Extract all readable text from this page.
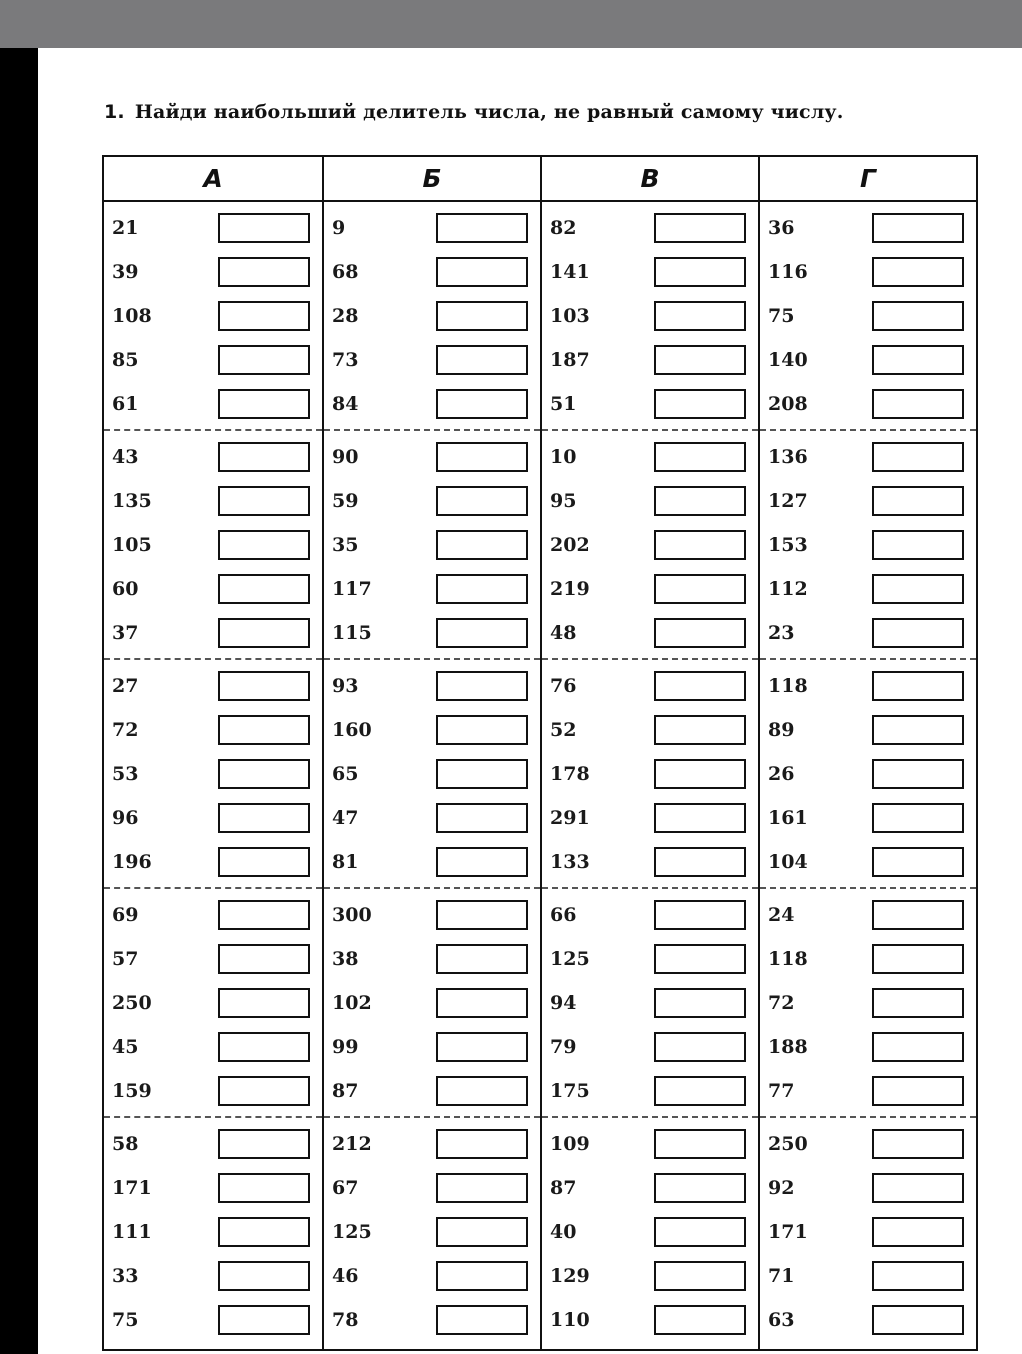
1. Найди наибольший делитель числа, не равный самому числу.

А
21
39
108
85
61
43
135
105
60
37
27
72
53
96
196
69
57
250
45
159
58
171
111
33
75
Б
9
68
28
73
84
90
59
35
117
115
93
160
65
47
81
300
38
102
99
87
212
67
125
46
78
В
82
141
103
187
51
10
95
202
219
48
76
52
178
291
133
66
125
94
79
175
109
87
40
129
110
Г
36
116
75
140
208
136
127
153
112
23
118
89
26
161
104
24
118
72
188
77
250
92
171
71
63
